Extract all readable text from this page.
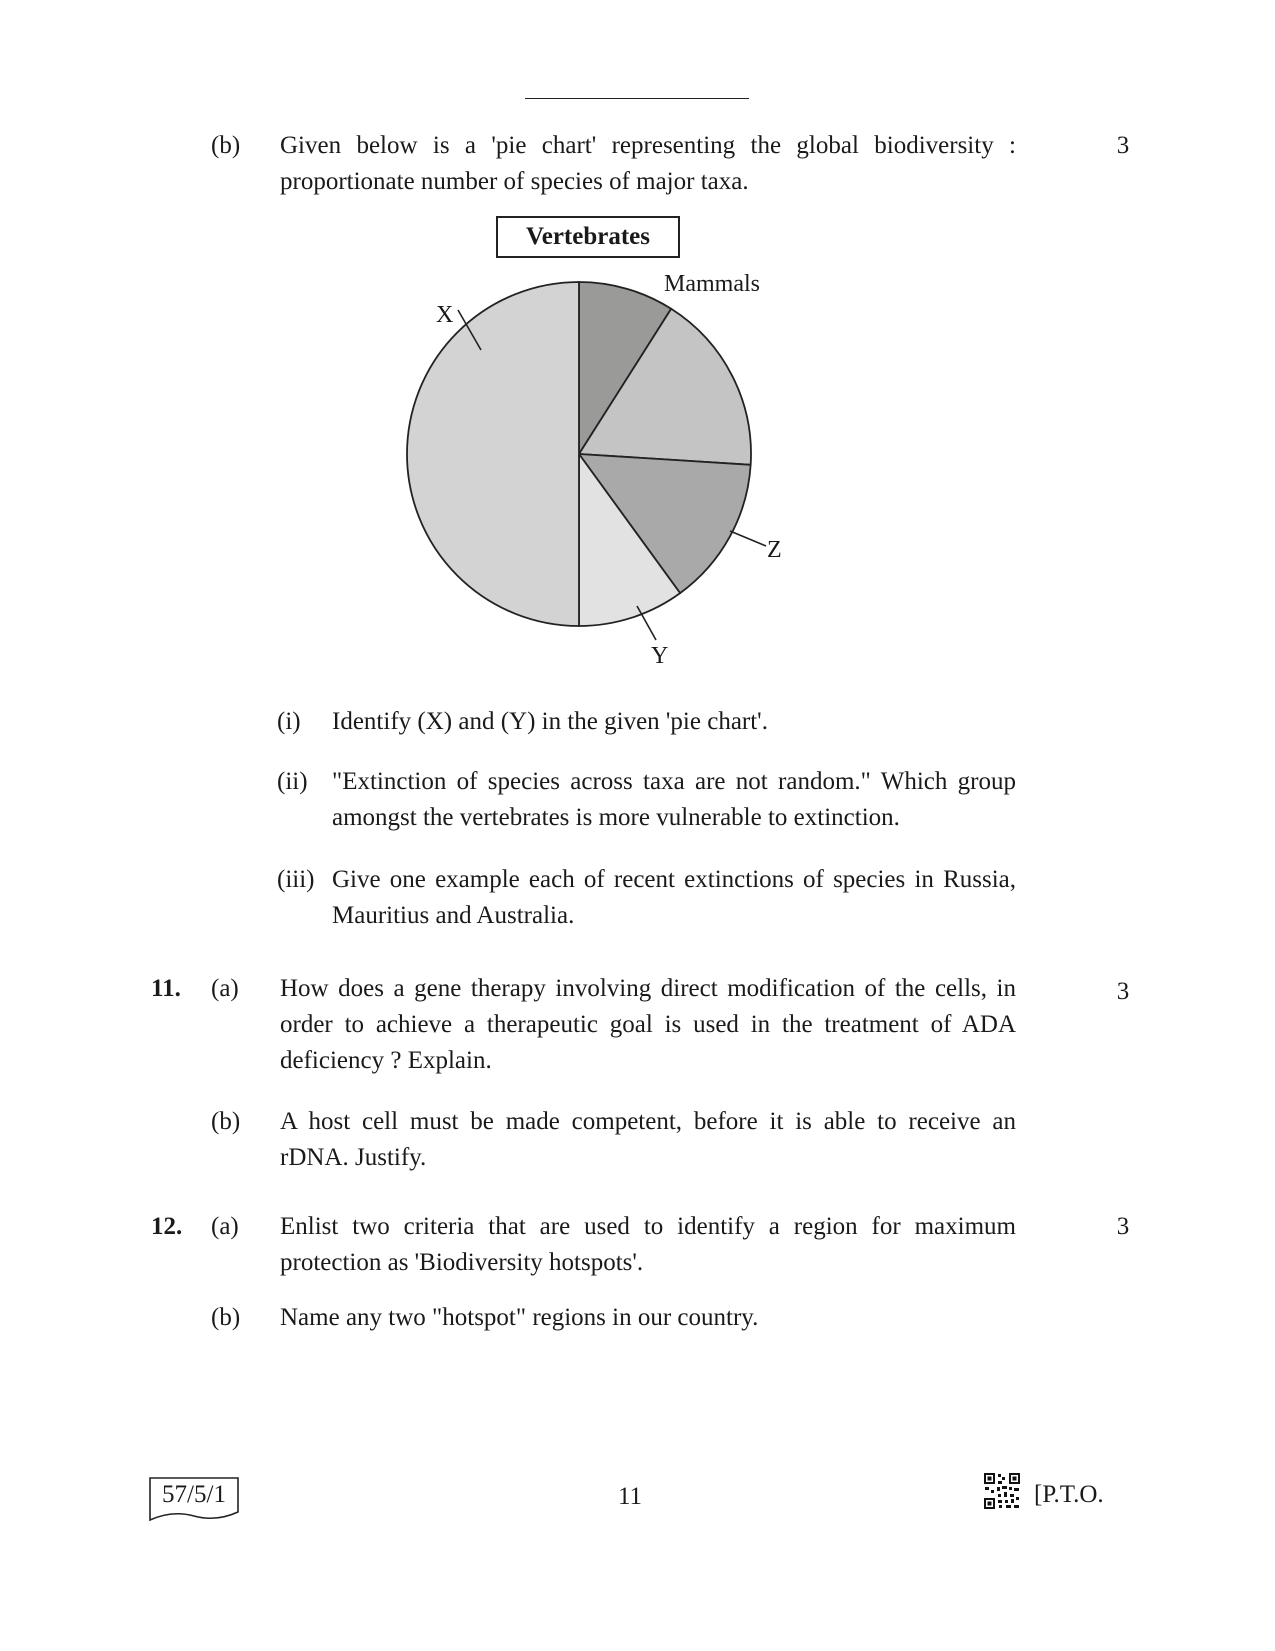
(b) Given below is a 'pie chart' representing the global biodiversity : proportionate number of species of major taxa.
3
Vertebrates
Mammals
X
Z
Y
(i) Identify (X) and (Y) in the given 'pie chart'.
(ii) "Extinction of species across taxa are not random." Which group amongst the vertebrates is more vulnerable to extinction.
(iii) Give one example each of recent extinctions of species in Russia, Mauritius and Australia.
11. (a) How does a gene therapy involving direct modification of the cells, in order to achieve a therapeutic goal is used in the treatment of ADA deficiency ? Explain.
3
(b) A host cell must be made competent, before it is able to receive an rDNA. Justify.
12. (a) Enlist two criteria that are used to identify a region for maximum protection as 'Biodiversity hotspots'.
3
(b) Name any two "hotspot" regions in our country.
57/5/1	11	[P.T.O.
